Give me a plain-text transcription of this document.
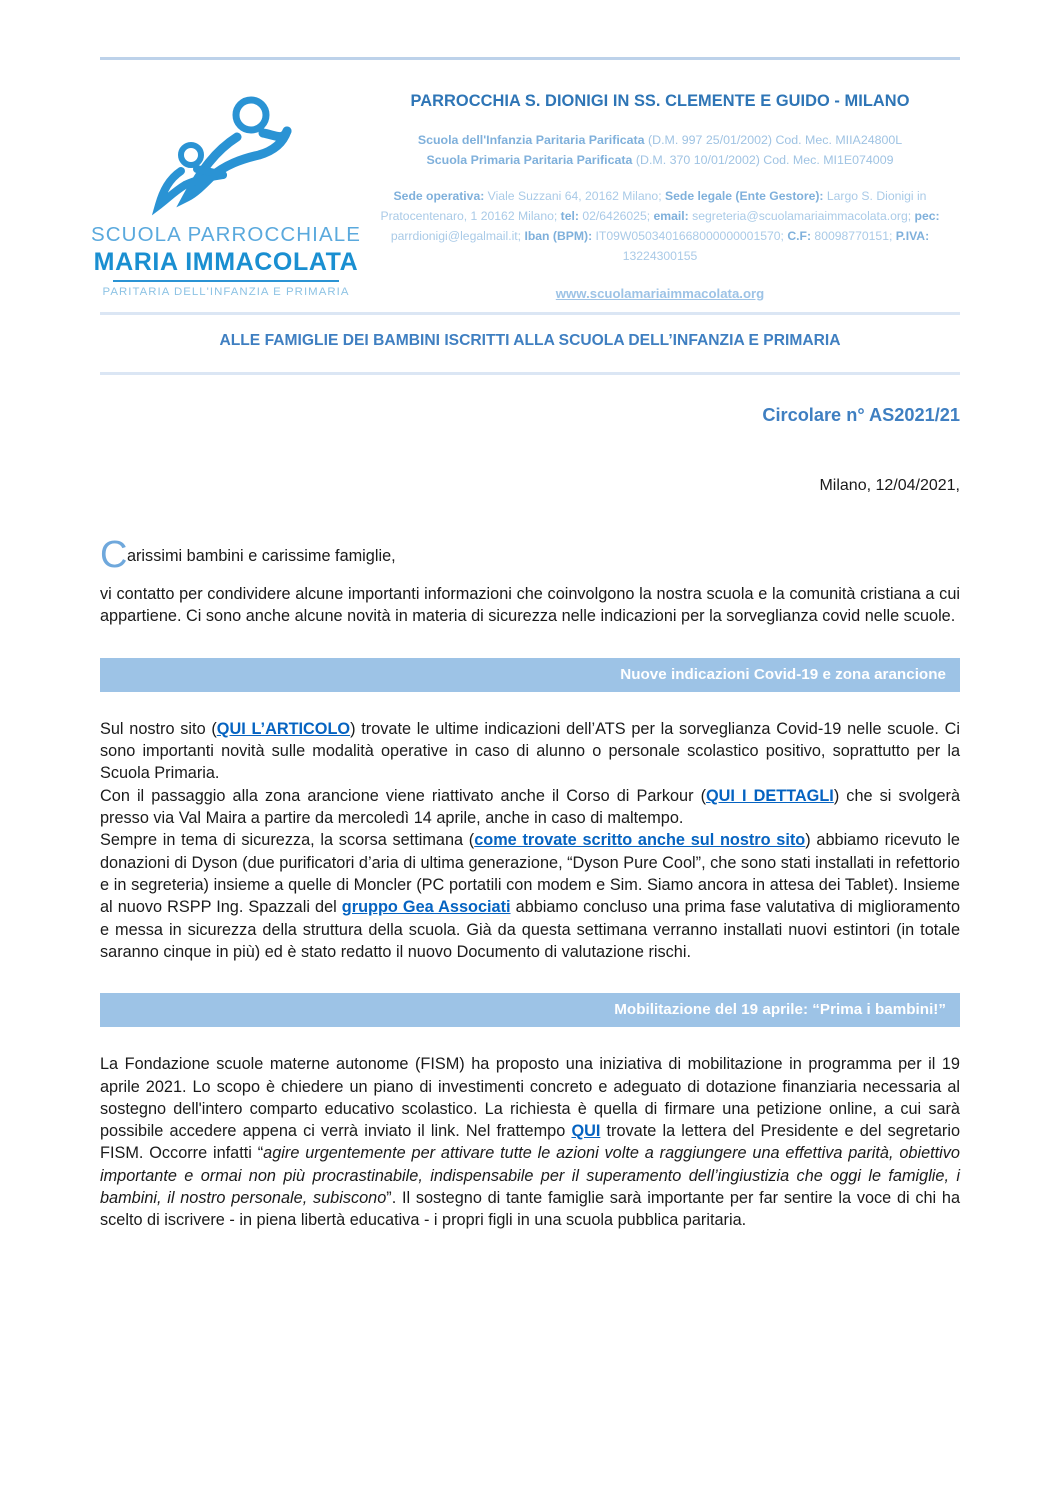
SCUOLA PARROCCHIALE
MARIA IMMACOLATA
PARITARIA DELL'INFANZIA E PRIMARIA
PARROCCHIA S. DIONIGI IN SS. CLEMENTE E GUIDO - MILANO
Scuola dell'Infanzia Paritaria Parificata (D.M. 997 25/01/2002) Cod. Mec. MIIA24800L
Scuola Primaria Paritaria Parificata (D.M. 370 10/01/2002) Cod. Mec. MI1E074009
Sede operativa: Viale Suzzani 64, 20162 Milano; Sede legale (Ente Gestore): Largo S. Dionigi in Pratocentenaro, 1 20162 Milano; tel: 02/6426025; email: segreteria@scuolamariaimmacolata.org; pec: parrdionigi@legalmail.it; Iban (BPM): IT09W0503401668000000001570; C.F: 80098770151; P.IVA: 13224300155
www.scuolamariaimmacolata.org
ALLE FAMIGLIE DEI BAMBINI ISCRITTI ALLA SCUOLA DELL’INFANZIA E PRIMARIA
Circolare n° AS2021/21
Milano, 12/04/2021,

Carissimi bambini e carissime famiglie,

vi contatto per condividere alcune importanti informazioni che coinvolgono la nostra scuola e la comunità cristiana a cui appartiene. Ci sono anche alcune novità in materia di sicurezza nelle indicazioni per la sorveglianza covid nelle scuole.

Nuove indicazioni Covid-19 e zona arancione

Sul nostro sito (QUI L’ARTICOLO) trovate le ultime indicazioni dell’ATS per la sorveglianza Covid-19 nelle scuole. Ci sono importanti novità sulle modalità operative in caso di alunno o personale scolastico positivo, soprattutto per la Scuola Primaria.

Con il passaggio alla zona arancione viene riattivato anche il Corso di Parkour (QUI I DETTAGLI) che si svolgerà presso via Val Maira a partire da mercoledì 14 aprile, anche in caso di maltempo.

Sempre in tema di sicurezza, la scorsa settimana (come trovate scritto anche sul nostro sito) abbiamo ricevuto le donazioni di Dyson (due purificatori d’aria di ultima generazione, “Dyson Pure Cool”, che sono stati installati in refettorio e in segreteria) insieme a quelle di Moncler (PC portatili con modem e Sim. Siamo ancora in attesa dei Tablet). Insieme al nuovo RSPP Ing. Spazzali del gruppo Gea Associati abbiamo concluso una prima fase valutativa di miglioramento e messa in sicurezza della struttura della scuola. Già da questa settimana verranno installati nuovi estintori (in totale saranno cinque in più) ed è stato redatto il nuovo Documento di valutazione rischi.

Mobilitazione del 19 aprile: “Prima i bambini!”

La Fondazione scuole materne autonome (FISM) ha proposto una iniziativa di mobilitazione in programma per il 19 aprile 2021. Lo scopo è chiedere un piano di investimenti concreto e adeguato di dotazione finanziaria necessaria al sostegno dell'intero comparto educativo scolastico. La richiesta è quella di firmare una petizione online, a cui sarà possibile accedere appena ci verrà inviato il link. Nel frattempo QUI trovate la lettera del Presidente e del segretario FISM. Occorre infatti “agire urgentemente per attivare tutte le azioni volte a raggiungere una effettiva parità, obiettivo importante e ormai non più procrastinabile, indispensabile per il superamento dell’ingiustizia che oggi le famiglie, i bambini, il nostro personale, subiscono”. Il sostegno di tante famiglie sarà importante per far sentire la voce di chi ha scelto di iscrivere - in piena libertà educativa - i propri figli in una scuola pubblica paritaria.
